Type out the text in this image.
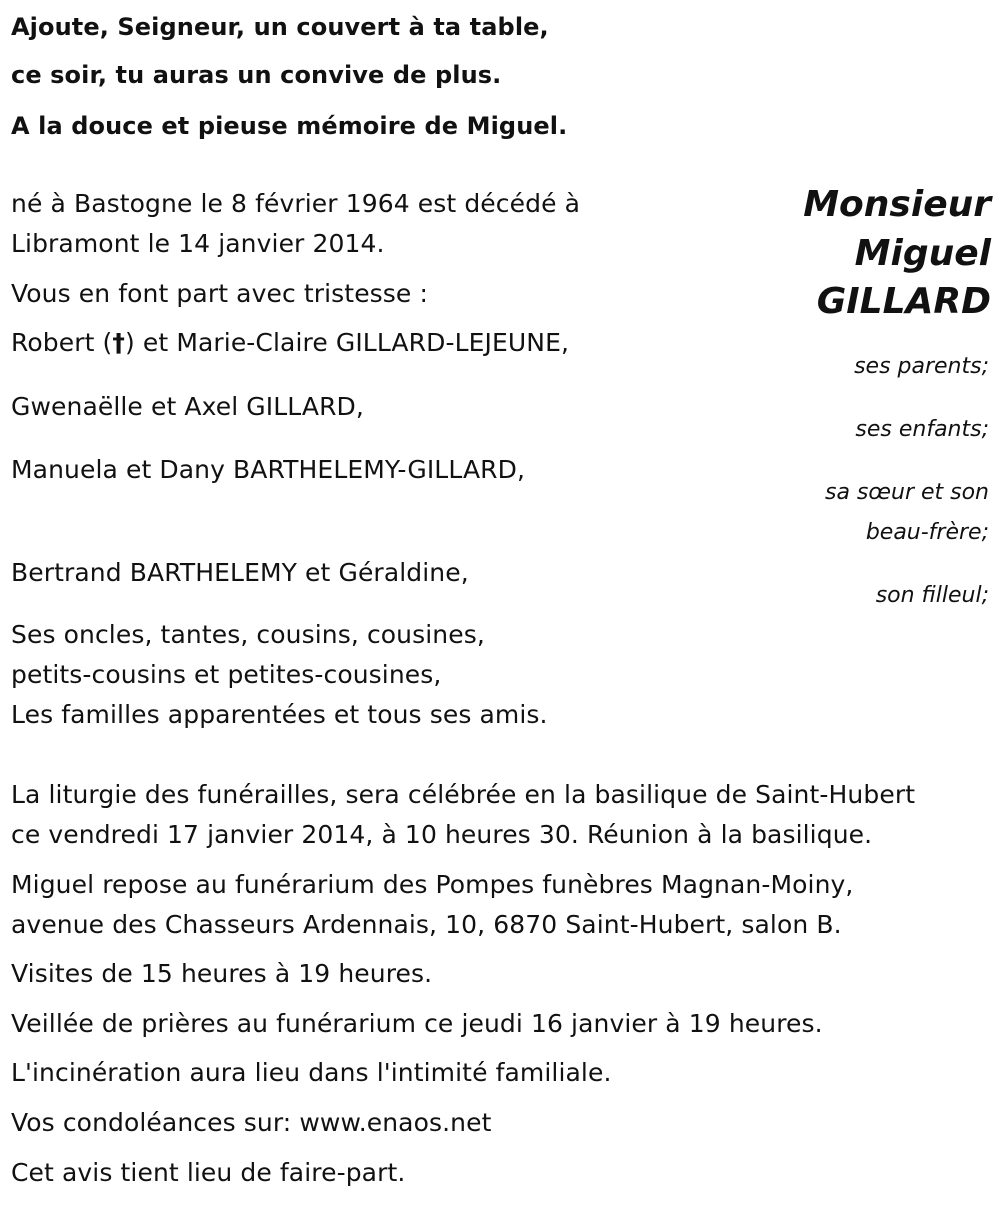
Ajoute, Seigneur, un couvert à ta table,
ce soir, tu auras un convive de plus.
A la douce et pieuse mémoire de Miguel.
Monsieur
Miguel
GILLARD
né à Bastogne le 8 février 1964 est décédé à
Libramont le 14 janvier 2014.
Vous en font part avec tristesse :
Robert (†) et Marie-Claire GILLARD-LEJEUNE,
Gwenaëlle et Axel GILLARD,
Manuela et Dany BARTHELEMY-GILLARD,
Bertrand BARTHELEMY et Géraldine,
Ses oncles, tantes, cousins, cousines,
petits-cousins et petites-cousines,
Les familles apparentées et tous ses amis.
ses parents;
ses enfants;
sa sœur et son
beau-frère;
son filleul;
La liturgie des funérailles, sera célébrée en la basilique de Saint-Hubert
ce vendredi 17 janvier 2014, à 10 heures 30. Réunion à la basilique.
Miguel repose au funérarium des Pompes funèbres Magnan-Moiny,
avenue des Chasseurs Ardennais, 10, 6870 Saint-Hubert, salon B.
Visites de 15 heures à 19 heures.
Veillée de prières au funérarium ce jeudi 16 janvier à 19 heures.
L'incinération aura lieu dans l'intimité familiale.
Vos condoléances sur: www.enaos.net
Cet avis tient lieu de faire-part.
